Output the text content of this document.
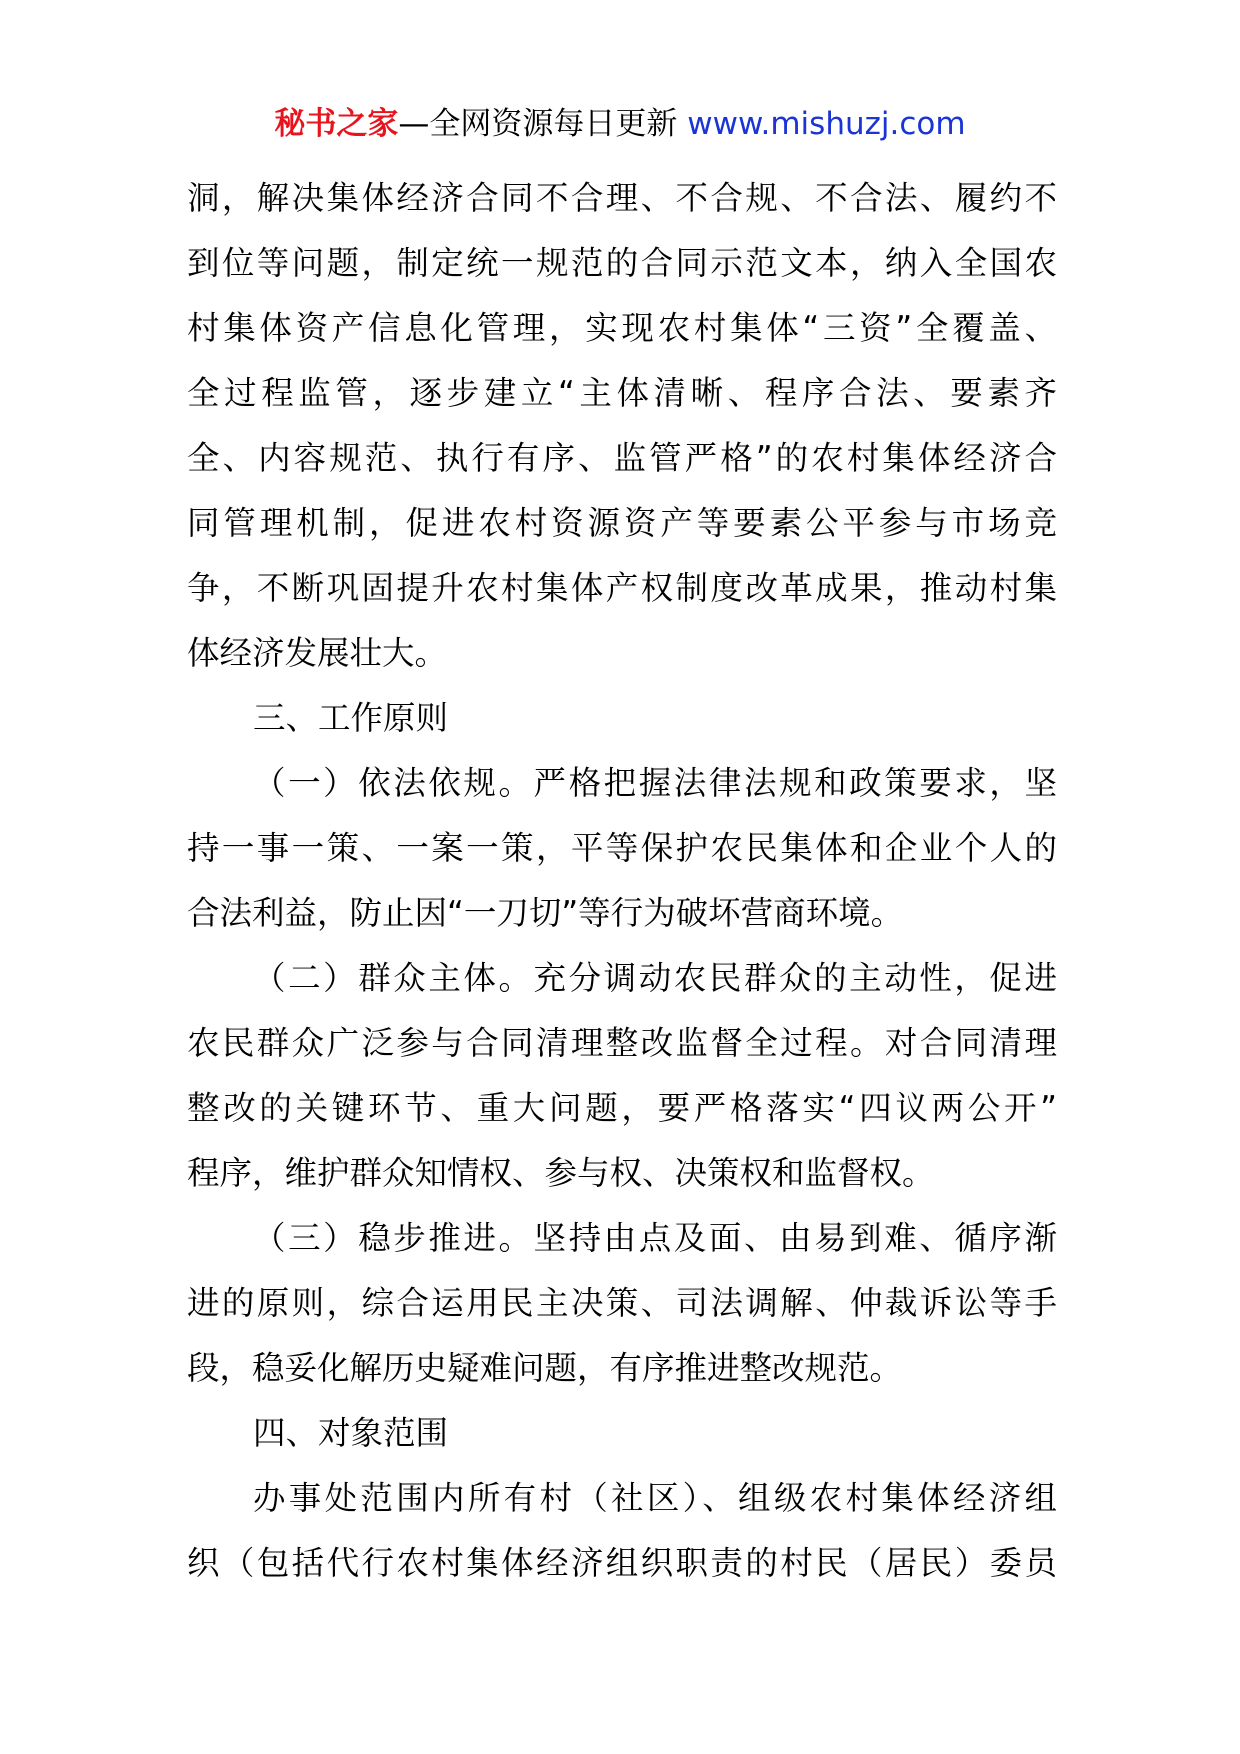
秘书之家—全网资源每日更新 www.mishuzj.com
洞，解决集体经济合同不合理、不合规、不合法、履约不
到位等问题，制定统一规范的合同示范文本，纳入全国农
村集体资产信息化管理，实现农村集体“三资”全覆盖、
全过程监管，逐步建立“主体清晰、程序合法、要素齐
全、内容规范、执行有序、监管严格”的农村集体经济合
同管理机制，促进农村资源资产等要素公平参与市场竞
争，不断巩固提升农村集体产权制度改革成果，推动村集
体经济发展壮大。
三、工作原则
（一）依法依规。严格把握法律法规和政策要求，坚
持一事一策、一案一策，平等保护农民集体和企业个人的
合法利益，防止因“一刀切”等行为破坏营商环境。
（二）群众主体。充分调动农民群众的主动性，促进
农民群众广泛参与合同清理整改监督全过程。对合同清理
整改的关键环节、重大问题，要严格落实“四议两公开”
程序，维护群众知情权、参与权、决策权和监督权。
（三）稳步推进。坚持由点及面、由易到难、循序渐
进的原则，综合运用民主决策、司法调解、仲裁诉讼等手
段，稳妥化解历史疑难问题，有序推进整改规范。
四、对象范围
办事处范围内所有村（社区）、组级农村集体经济组
织（包括代行农村集体经济组织职责的村民（居民）委员
